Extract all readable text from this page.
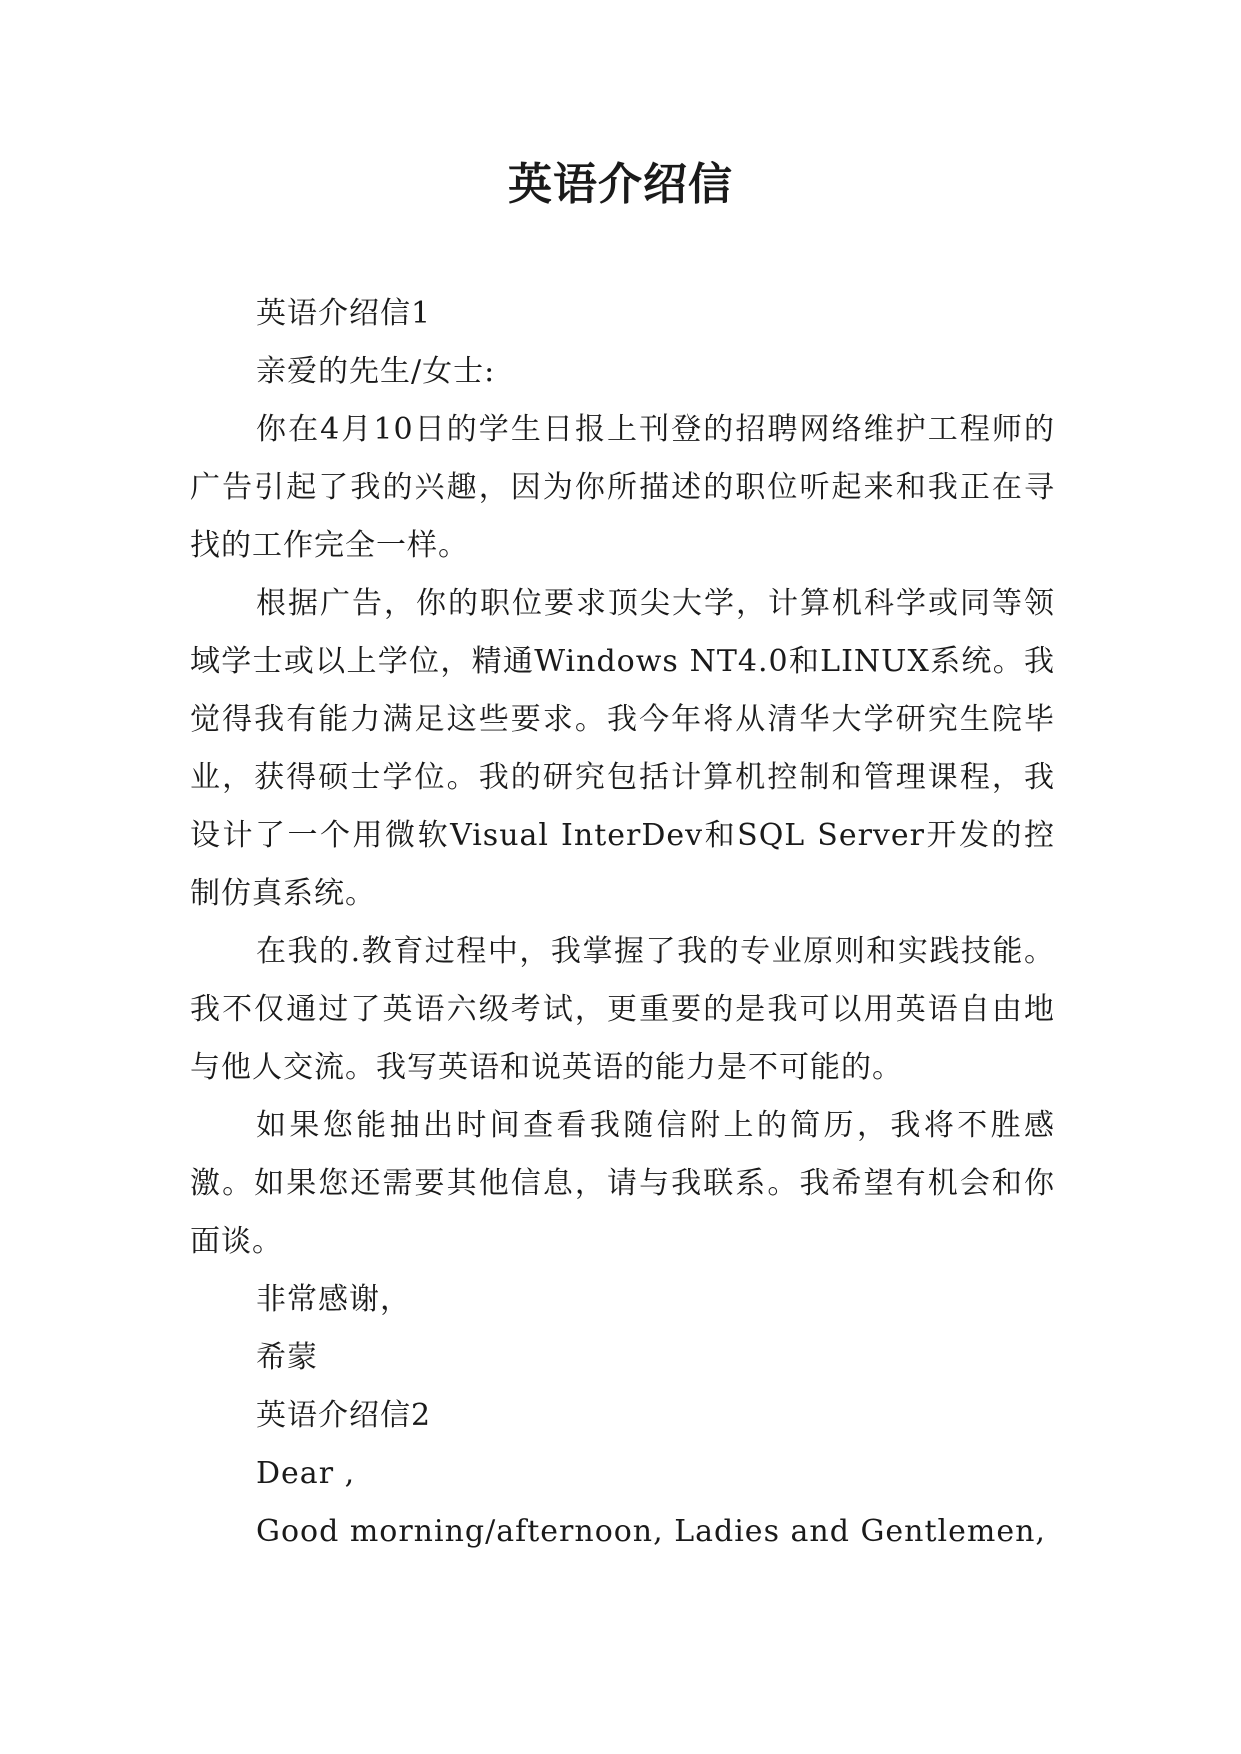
英语介绍信

英语介绍信1

亲爱的先生/女士:

你在4月10日的学生日报上刊登的招聘网络维护工程师的广告引起了我的兴趣，因为你所描述的职位听起来和我正在寻找的工作完全一样。

根据广告，你的职位要求顶尖大学，计算机科学或同等领域学士或以上学位，精通Windows NT4.0和LINUX系统。我觉得我有能力满足这些要求。我今年将从清华大学研究生院毕业，获得硕士学位。我的研究包括计算机控制和管理课程，我设计了一个用微软Visual InterDev和SQL Server开发的控制仿真系统。

在我的.教育过程中，我掌握了我的专业原则和实践技能。我不仅通过了英语六级考试，更重要的是我可以用英语自由地与他人交流。我写英语和说英语的能力是不可能的。

如果您能抽出时间查看我随信附上的简历，我将不胜感激。如果您还需要其他信息，请与我联系。我希望有机会和你面谈。

非常感谢，

希蒙

英语介绍信2

Dear ,

Good morning/afternoon, Ladies and Gentlemen,
